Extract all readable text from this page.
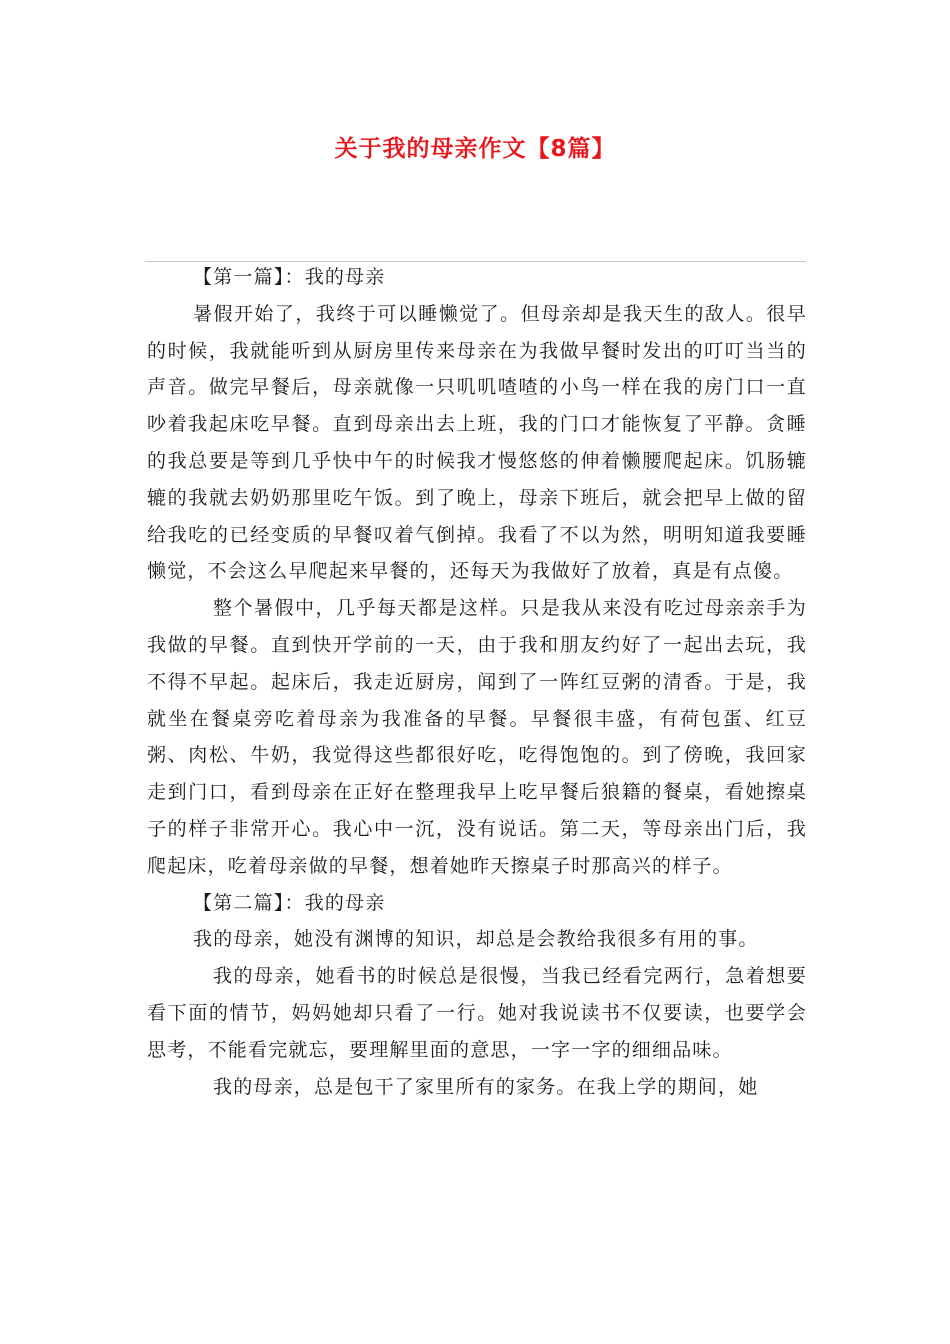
关于我的母亲作文【8篇】

【第一篇】：我的母亲

暑假开始了，我终于可以睡懒觉了。但母亲却是我天生的敌人。很早的时候，我就能听到从厨房里传来母亲在为我做早餐时发出的叮叮当当的声音。做完早餐后，母亲就像一只叽叽喳喳的小鸟一样在我的房门口一直吵着我起床吃早餐。直到母亲出去上班，我的门口才能恢复了平静。贪睡的我总要是等到几乎快中午的时候我才慢悠悠的伸着懒腰爬起床。饥肠辘辘的我就去奶奶那里吃午饭。到了晚上，母亲下班后，就会把早上做的留给我吃的已经变质的早餐叹着气倒掉。我看了不以为然，明明知道我要睡懒觉，不会这么早爬起来早餐的，还每天为我做好了放着，真是有点傻。

整个暑假中，几乎每天都是这样。只是我从来没有吃过母亲亲手为我做的早餐。直到快开学前的一天，由于我和朋友约好了一起出去玩，我不得不早起。起床后，我走近厨房，闻到了一阵红豆粥的清香。于是，我就坐在餐桌旁吃着母亲为我准备的早餐。早餐很丰盛，有荷包蛋、红豆粥、肉松、牛奶，我觉得这些都很好吃，吃得饱饱的。到了傍晚，我回家走到门口，看到母亲在正好在整理我早上吃早餐后狼籍的餐桌，看她擦桌子的样子非常开心。我心中一沉，没有说话。第二天，等母亲出门后，我爬起床，吃着母亲做的早餐，想着她昨天擦桌子时那高兴的样子。

【第二篇】：我的母亲

我的母亲，她没有渊博的知识，却总是会教给我很多有用的事。

我的母亲，她看书的时候总是很慢，当我已经看完两行，急着想要看下面的情节，妈妈她却只看了一行。她对我说读书不仅要读，也要学会思考，不能看完就忘，要理解里面的意思，一字一字的细细品味。

我的母亲，总是包干了家里所有的家务。在我上学的期间，她
